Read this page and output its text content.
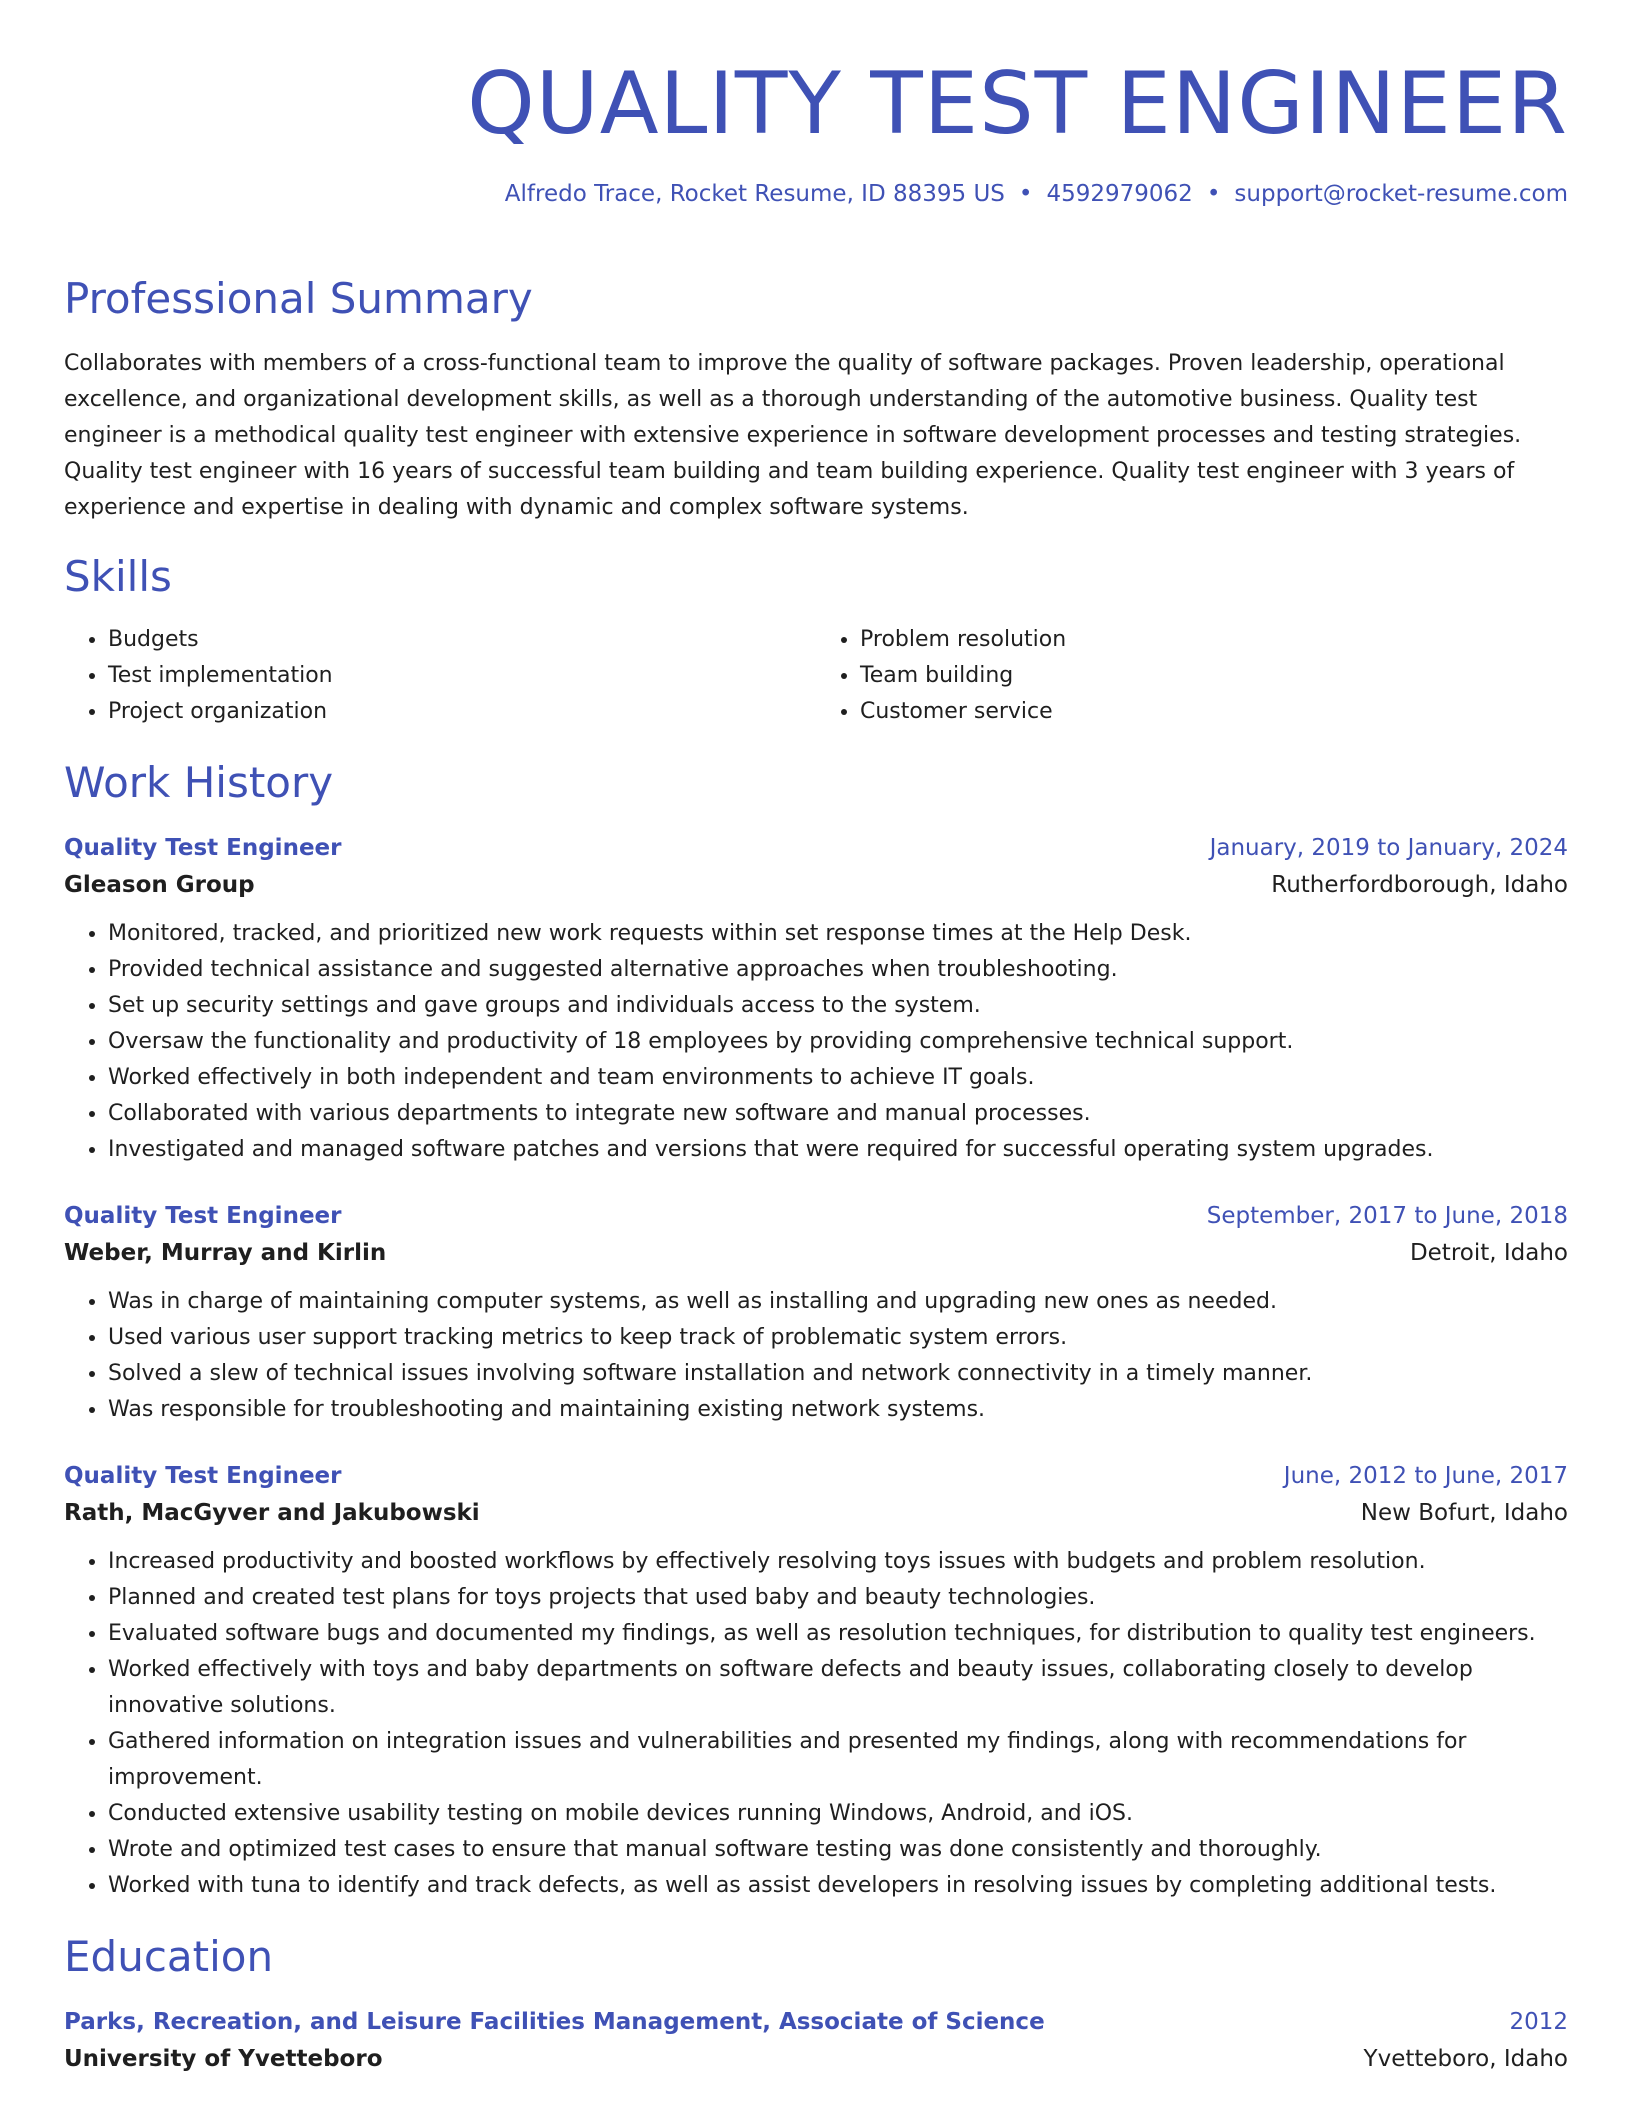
QUALITY TEST ENGINEER
Alfredo Trace, Rocket Resume, ID 88395 US • 4592979062 • support@rocket-resume.com
Professional Summary
Collaborates with members of a cross-functional team to improve the quality of software packages. Proven leadership, operational excellence, and organizational development skills, as well as a thorough understanding of the automotive business. Quality test engineer is a methodical quality test engineer with extensive experience in software development processes and testing strategies. Quality test engineer with 16 years of successful team building and team building experience. Quality test engineer with 3 years of experience and expertise in dealing with dynamic and complex software systems.
Skills
• Budgets
• Test implementation
• Project organization
• Problem resolution
• Team building
• Customer service
Work History
Quality Test Engineer	January, 2019 to January, 2024
Gleason Group	Rutherfordborough, Idaho
• Monitored, tracked, and prioritized new work requests within set response times at the Help Desk.
• Provided technical assistance and suggested alternative approaches when troubleshooting.
• Set up security settings and gave groups and individuals access to the system.
• Oversaw the functionality and productivity of 18 employees by providing comprehensive technical support.
• Worked effectively in both independent and team environments to achieve IT goals.
• Collaborated with various departments to integrate new software and manual processes.
• Investigated and managed software patches and versions that were required for successful operating system upgrades.
Quality Test Engineer	September, 2017 to June, 2018
Weber, Murray and Kirlin	Detroit, Idaho
• Was in charge of maintaining computer systems, as well as installing and upgrading new ones as needed.
• Used various user support tracking metrics to keep track of problematic system errors.
• Solved a slew of technical issues involving software installation and network connectivity in a timely manner.
• Was responsible for troubleshooting and maintaining existing network systems.
Quality Test Engineer	June, 2012 to June, 2017
Rath, MacGyver and Jakubowski	New Bofurt, Idaho
• Increased productivity and boosted workflows by effectively resolving toys issues with budgets and problem resolution.
• Planned and created test plans for toys projects that used baby and beauty technologies.
• Evaluated software bugs and documented my findings, as well as resolution techniques, for distribution to quality test engineers.
• Worked effectively with toys and baby departments on software defects and beauty issues, collaborating closely to develop innovative solutions.
• Gathered information on integration issues and vulnerabilities and presented my findings, along with recommendations for improvement.
• Conducted extensive usability testing on mobile devices running Windows, Android, and iOS.
• Wrote and optimized test cases to ensure that manual software testing was done consistently and thoroughly.
• Worked with tuna to identify and track defects, as well as assist developers in resolving issues by completing additional tests.
Education
Parks, Recreation, and Leisure Facilities Management, Associate of Science	2012
University of Yvetteboro	Yvetteboro, Idaho
